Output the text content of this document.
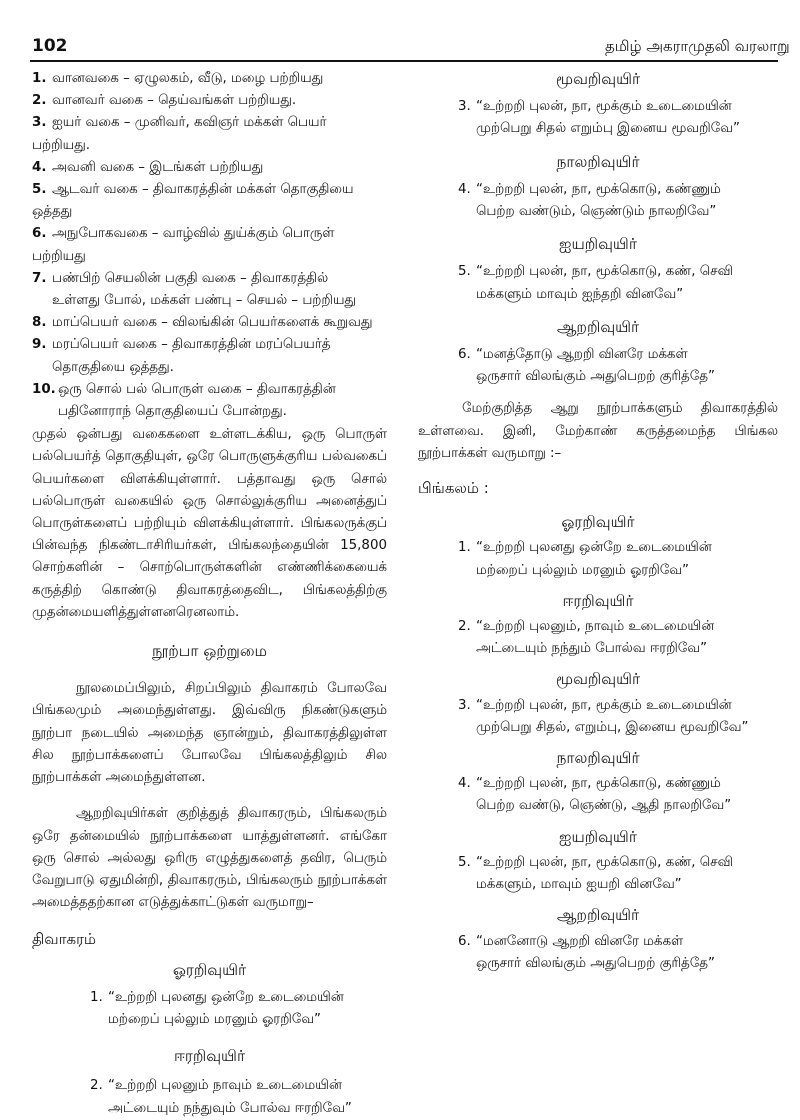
102	தமிழ் அகராமுதலி வரலாறு
1. வானவகை – ஏழுலகம், வீடு, மழை பற்றியது
2. வானவர் வகை – தெய்வங்கள் பற்றியது.
3. ஐயர் வகை – முனிவர், கவிஞர் மக்கள் பெயர் பற்றியது.
4. அவனி வகை – இடங்கள் பற்றியது
5. ஆடவர் வகை – திவாகரத்தின் மக்கள் தொகுதியை ஒத்தது
6. அநுபோகவகை – வாழ்வில் துய்க்கும் பொருள் பற்றியது
7. பண்பிற் செயலின் பகுதி வகை – திவாகரத்தில்
உள்ளது போல், மக்கள் பண்பு – செயல் – பற்றியது
8. மாப்பெயர் வகை – விலங்கின் பெயர்களைக் கூறுவது
9. மரப்பெயர் வகை – திவாகரத்தின் மரப்பெயர்த்
தொகுதியை ஒத்தது.
10. ஒரு சொல் பல் பொருள் வகை – திவாகரத்தின்
பதினோராந் தொகுதியைப் போன்றது.
முதல் ஒன்பது வகைகளை உள்ளடக்கிய, ஒரு பொருள் பல்பெயர்த் தொகுதியுள், ஒரே பொருளுக்குரிய பல்வகைப் பெயர்களை விளக்கியுள்ளார். பத்தாவது ஒரு சொல் பல்பொருள் வகையில் ஒரு சொல்லுக்குரிய அனைத்துப் பொருள்களைப் பற்றியும் விளக்கியுள்ளார். பிங்கலருக்குப் பின்வந்த நிகண்டாசிரியர்கள், பிங்கலந்தையின் 15,800 சொற்களின் – சொற்பொருள்களின் எண்ணிக்கையைக் கருத்திற் கொண்டு திவாகரத்தைவிட, பிங்கலத்திற்கு முதன்மையளித்துள்ளனரெனலாம்.
நூற்பா ஒற்றுமை
நூலமைப்பிலும், சிறப்பிலும் திவாகரம் போலவே பிங்கலமும் அமைந்துள்ளது. இவ்விரு நிகண்டுகளும் நூற்பா நடையில் அமைந்த ஞான்றும், திவாகரத்திலுள்ள சில நூற்பாக்களைப் போலவே பிங்கலத்திலும் சில நூற்பாக்கள் அமைந்துள்ளன.
ஆறறிவுயிர்கள் குறித்துத் திவாகரரும், பிங்கலரும் ஒரே தன்மையில் நூற்பாக்களை யாத்துள்ளனர். எங்கோ ஒரு சொல் அல்லது ஒரிரு எழுத்துகளைத் தவிர, பெரும் வேறுபாடு ஏதுமின்றி, திவாகரரும், பிங்கலரும் நூற்பாக்கள் அமைத்ததற்கான எடுத்துக்காட்டுகள் வருமாறு–
திவாகரம்
ஓரறிவுயிர்
1. “உற்றறி புலனது ஒன்றே உடைமையின்
மற்றைப் புல்லும் மரனும் ஓரறிவே”
ஈரறிவுயிர்
2. “உற்றறி புலனும் நாவும் உடைமையின்
அட்டையும் நந்துவும் போல்வ ஈரறிவே”
மூவறிவுயிர்
3. “உற்றறி புலன், நா, மூக்கும் உடைமையின்
முற்பெறு சிதல் எறும்பு இனைய மூவறிவே”
நாலறிவுயிர்
4. “உற்றறி புலன், நா, மூக்கொடு, கண்ணும்
பெற்ற வண்டும், ஞெண்டும் நாலறிவே”
ஐயறிவுயிர்
5. “உற்றறி புலன், நா, மூக்கொடு, கண், செவி
மக்களும் மாவும் ஐந்தறி வினவே”
ஆறறிவுயிர்
6. “மனத்தோடு ஆறறி வினரே மக்கள்
ஒருசார் விலங்கும் அதுபெறற் குரித்தே”
மேற்குறித்த ஆறு நூற்பாக்களும் திவாகரத்தில் உள்ளவை. இனி, மேற்காண் கருத்தமைந்த பிங்கல நூற்பாக்கள் வருமாறு :–
பிங்கலம் :
ஓரறிவுயிர்
1. “உற்றறி புலனது ஒன்றே உடைமையின்
மற்றைப் புல்லும் மரனும் ஓரறிவே”
ஈரறிவுயிர்
2. “உற்றறி புலனும், நாவும் உடைமையின்
அட்டையும் நந்தும் போல்வ ஈரறிவே”
மூவறிவுயிர்
3. “உற்றறி புலன், நா, மூக்கும் உடைமையின்
முற்பெறு சிதல், எறும்பு, இனைய மூவறிவே”
நாலறிவுயிர்
4. “உற்றறி புலன், நா, மூக்கொடு, கண்ணும்
பெற்ற வண்டு, ஞெண்டு, ஆதி நாலறிவே”
ஐயறிவுயிர்
5. “உற்றறி புலன், நா, மூக்கொடு, கண், செவி
மக்களும், மாவும் ஐயறி வினவே”
ஆறறிவுயிர்
6. “மனனோடு ஆறறி வினரே மக்கள்
ஒருசார் விலங்கும் அதுபெறற் குரித்தே”
